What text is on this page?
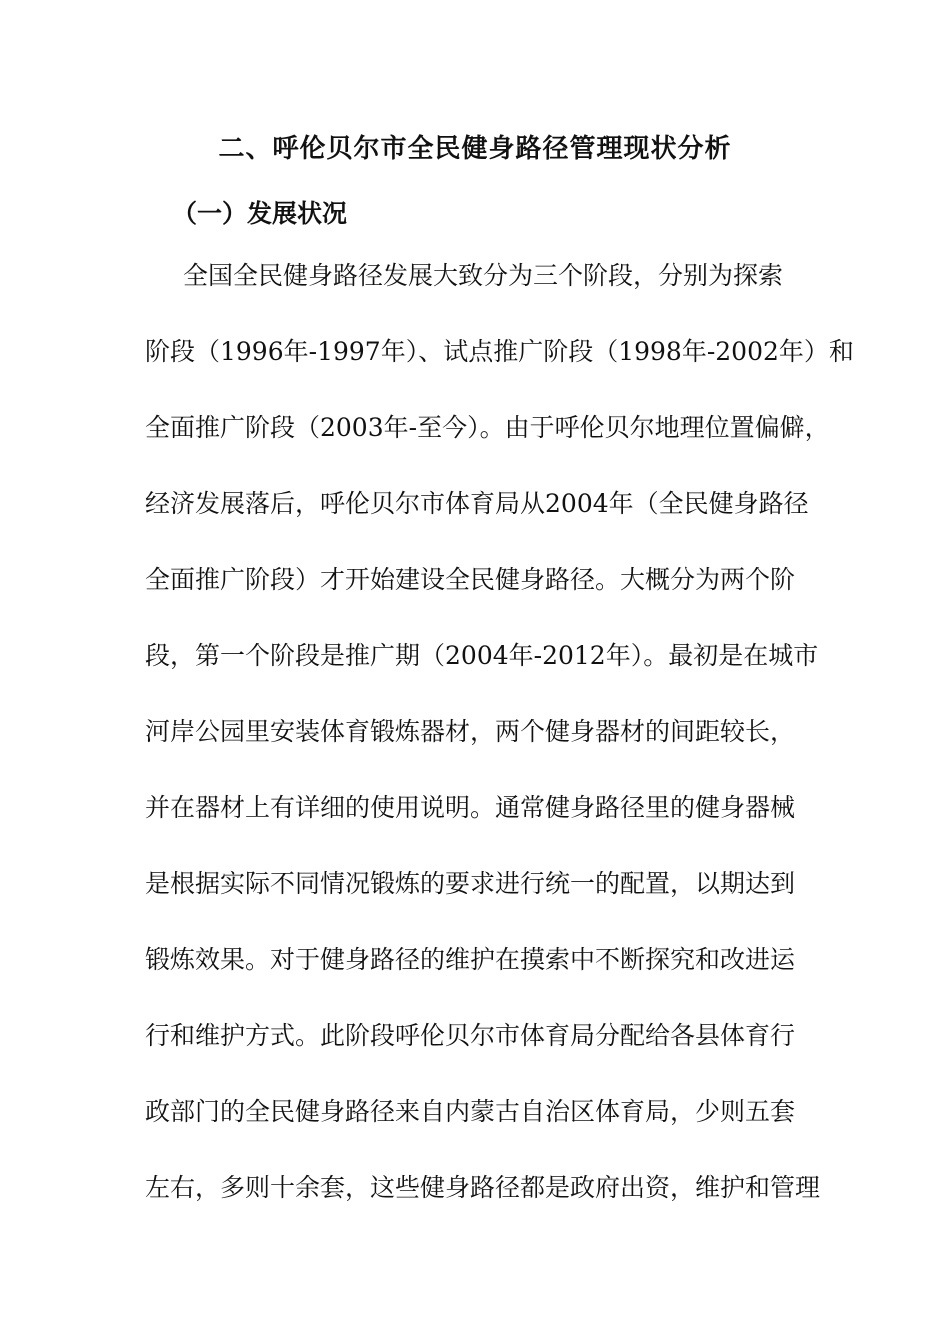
二、呼伦贝尔市全民健身路径管理现状分析
（一）发展状况
全国全民健身路径发展大致分为三个阶段，分别为探索
阶段（1996年-1997年）、试点推广阶段（1998年-2002年）和
全面推广阶段（2003年-至今）。由于呼伦贝尔地理位置偏僻，
经济发展落后，呼伦贝尔市体育局从2004年（全民健身路径
全面推广阶段）才开始建设全民健身路径。大概分为两个阶
段，第一个阶段是推广期（2004年-2012年）。最初是在城市
河岸公园里安装体育锻炼器材，两个健身器材的间距较长，
并在器材上有详细的使用说明。通常健身路径里的健身器械
是根据实际不同情况锻炼的要求进行统一的配置，以期达到
锻炼效果。对于健身路径的维护在摸索中不断探究和改进运
行和维护方式。此阶段呼伦贝尔市体育局分配给各县体育行
政部门的全民健身路径来自内蒙古自治区体育局，少则五套
左右，多则十余套，这些健身路径都是政府出资，维护和管理
